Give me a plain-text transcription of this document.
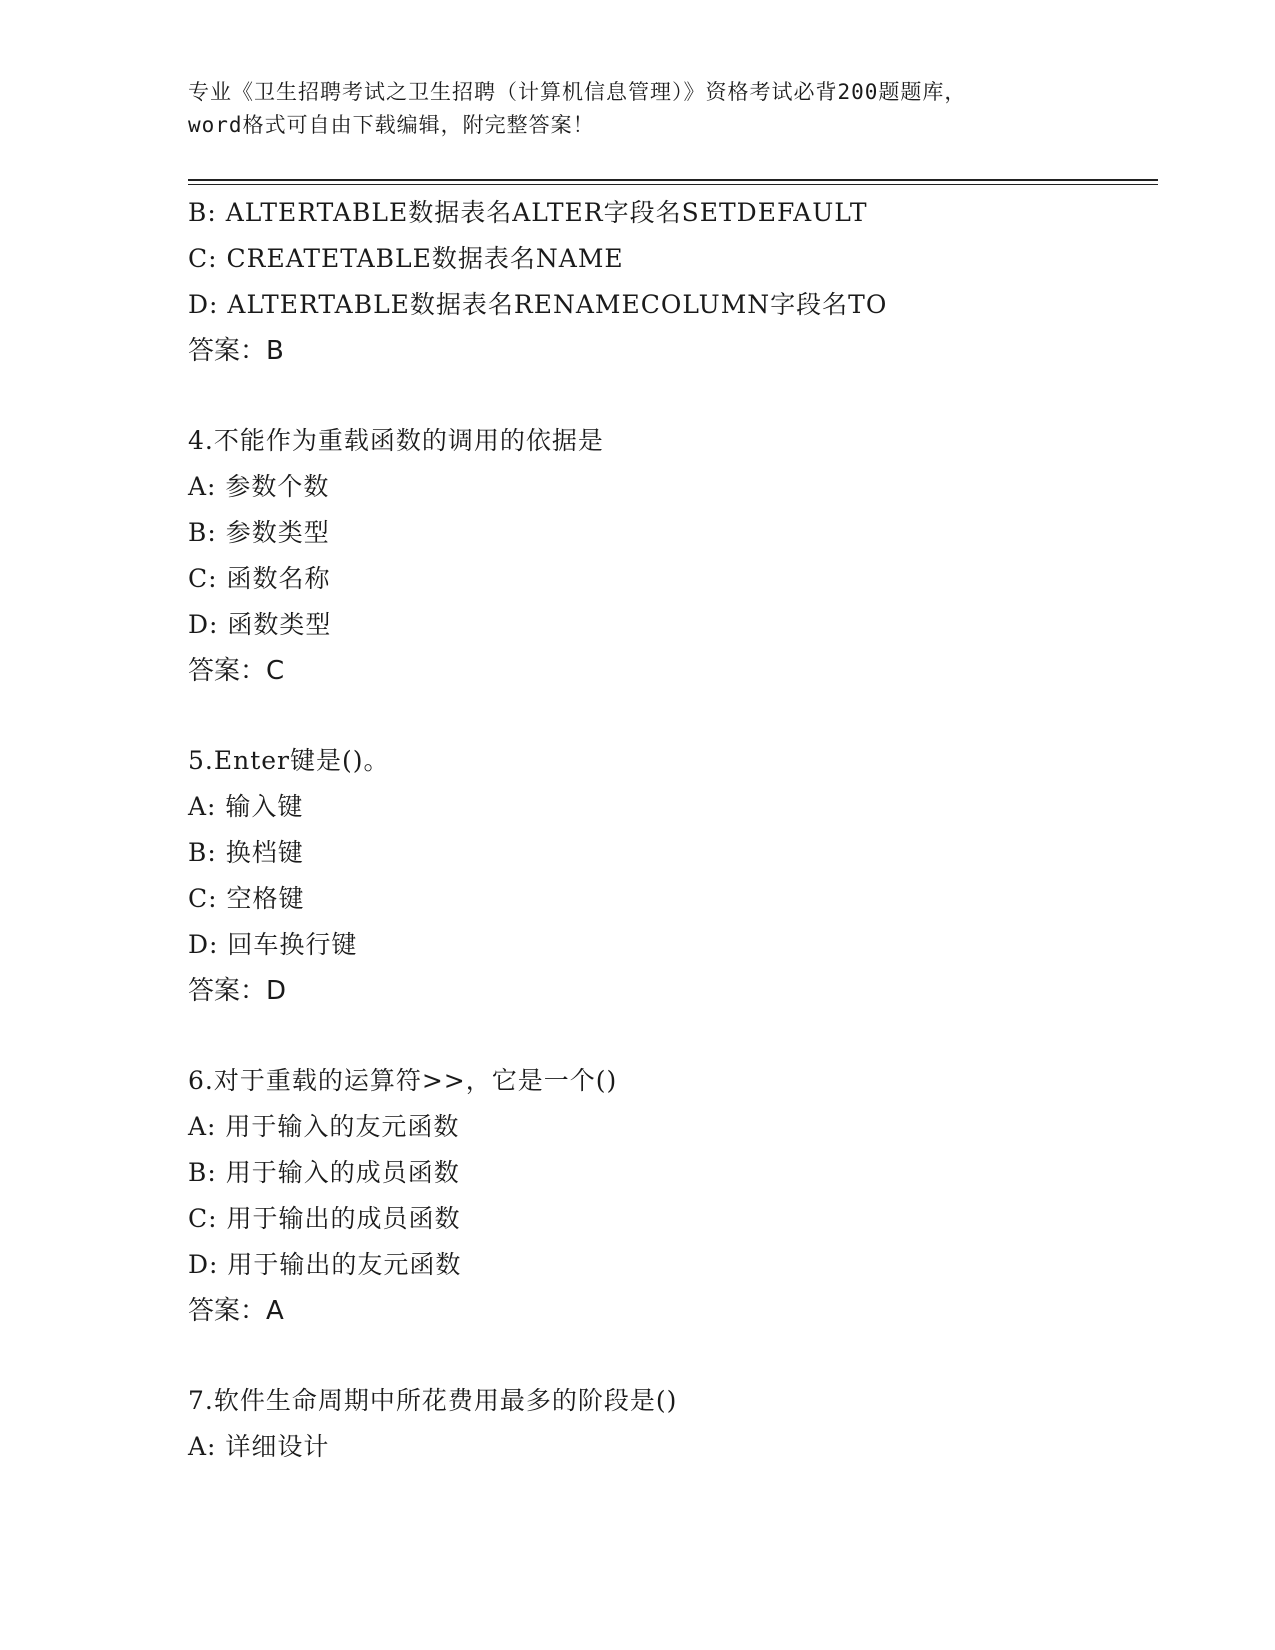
专业《卫生招聘考试之卫生招聘（计算机信息管理）》资格考试必背200题题库，
word格式可自由下载编辑，附完整答案！
B: ALTERTABLE数据表名ALTER字段名SETDEFAULT
C: CREATETABLE数据表名NAME
D: ALTERTABLE数据表名RENAMECOLUMN字段名TO
答案：B
4.不能作为重载函数的调用的依据是
A: 参数个数
B: 参数类型
C: 函数名称
D: 函数类型
答案：C
5.Enter键是()。
A: 输入键
B: 换档键
C: 空格键
D: 回车换行键
答案：D
6.对于重载的运算符>>，它是一个()
A: 用于输入的友元函数
B: 用于输入的成员函数
C: 用于输出的成员函数
D: 用于输出的友元函数
答案：A
7.软件生命周期中所花费用最多的阶段是()
A: 详细设计
